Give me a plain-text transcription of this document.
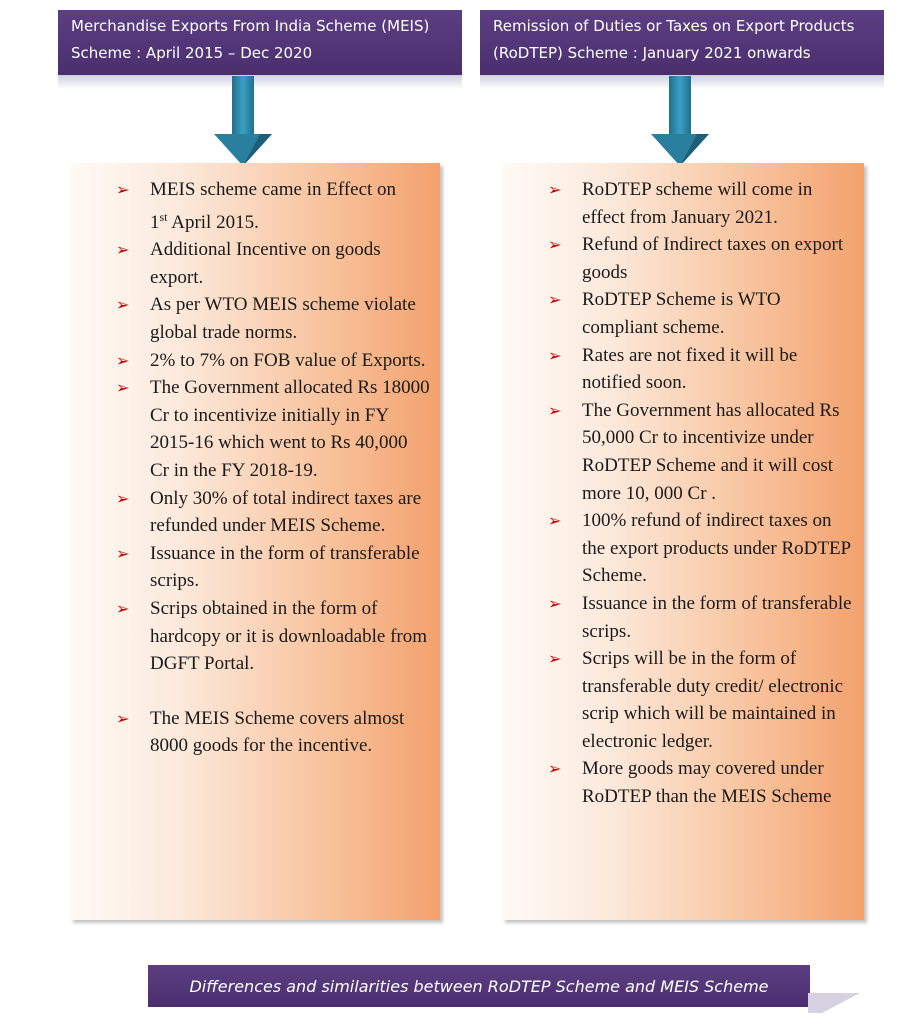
Merchandise Exports From India Scheme (MEIS)
Scheme : April 2015 – Dec 2020
Remission of Duties or Taxes on Export Products
(RoDTEP) Scheme : January 2021 onwards
➢ MEIS scheme came in Effect on
1st April 2015.
➢ Additional Incentive on goods export.
➢ As per WTO MEIS scheme violate global trade norms.
➢ 2% to 7% on FOB value of Exports.
➢ The Government allocated Rs 18000 Cr to incentivize initially in FY 2015-16 which went to Rs 40,000 Cr in the FY 2018-19.
➢ Only 30% of total indirect taxes are refunded under MEIS Scheme.
➢ Issuance in the form of transferable scrips.
➢ Scrips obtained in the form of hardcopy or it is downloadable from DGFT Portal.
➢ The MEIS Scheme covers almost 8000 goods for the incentive.
➢ RoDTEP scheme will come in effect from January 2021.
➢ Refund of Indirect taxes on export goods
➢ RoDTEP Scheme is WTO compliant scheme.
➢ Rates are not fixed it will be notified soon.
➢ The Government has allocated Rs 50,000 Cr to incentivize under RoDTEP Scheme and it will cost more 10, 000 Cr .
➢ 100% refund of indirect taxes on the export products under RoDTEP Scheme.
➢ Issuance in the form of transferable scrips.
➢ Scrips will be in the form of transferable duty credit/ electronic scrip which will be maintained in electronic ledger.
➢ More goods may covered under RoDTEP than the MEIS Scheme
Differences and similarities between RoDTEP Scheme and MEIS Scheme
